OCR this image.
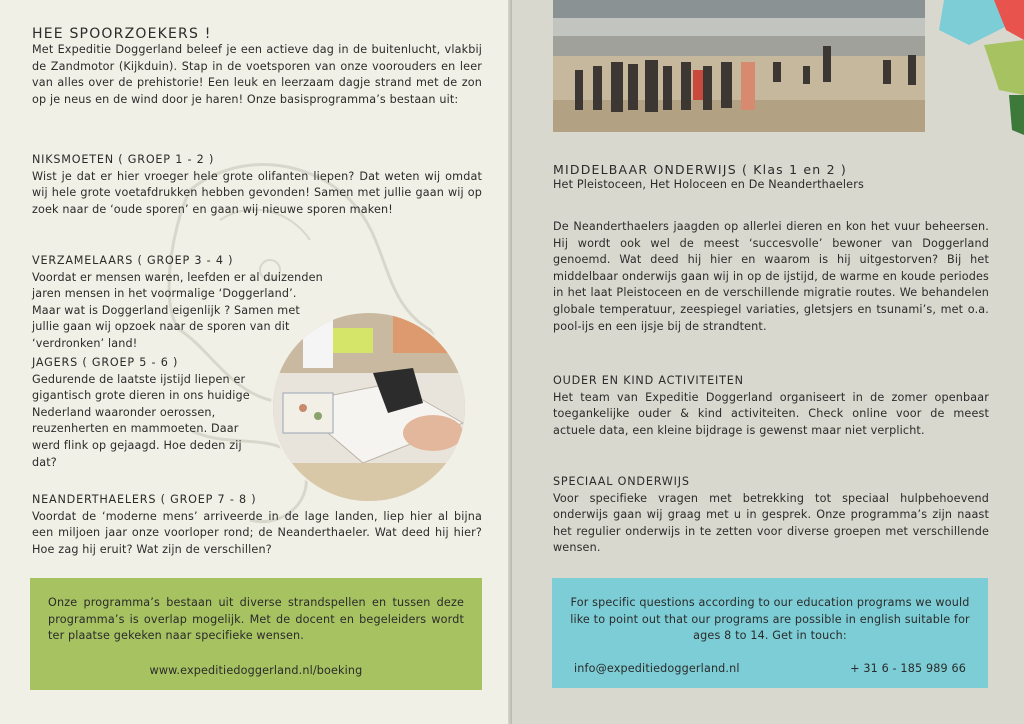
HEE SPOORZOEKERS !
Met Expeditie Doggerland beleef je een actieve dag in de buitenlucht, vlakbij de Zandmotor (Kijkduin). Stap in de voetsporen van onze voorouders en leer van alles over de prehistorie! Een leuk en leerzaam dagje strand met de zon op je neus en de wind door je haren! Onze basisprogramma’s bestaan uit:
NIKSMOETEN ( GROEP 1 - 2 )
Wist je dat er hier vroeger hele grote olifanten liepen? Dat weten wij omdat wij hele grote voetafdrukken hebben gevonden! Samen met jullie gaan wij op zoek naar de ‘oude sporen’ en gaan wij nieuwe sporen maken!
VERZAMELAARS ( GROEP 3 - 4 )
Voordat er mensen waren, leefden er al duizenden jaren mensen in het voormalige ‘Doggerland’. Maar wat is Doggerland eigenlijk ? Samen met jullie gaan wij opzoek naar de sporen van dit ‘verdronken’ land!
JAGERS ( GROEP 5 - 6 )
Gedurende de laatste ijstijd liepen er gigantisch grote dieren in ons huidige Nederland waaronder oerossen, reuzenherten en mammoeten. Daar werd flink op gejaagd. Hoe deden zij dat?
NEANDERTHAELERS ( GROEP 7 - 8 )
Voordat de ‘moderne mens’ arriveerde in de lage landen, liep hier al bijna een miljoen jaar onze voorloper rond; de Neanderthaeler. Wat deed hij hier? Hoe zag hij eruit? Wat zijn de verschillen?
Onze programma’s bestaan uit diverse strandspellen en tussen deze programma’s is overlap mogelijk. Met de docent en begeleiders wordt ter plaatse gekeken naar specifieke wensen.
www.expeditiedoggerland.nl/boeking
MIDDELBAAR ONDERWIJS ( Klas 1 en 2 )
Het Pleistoceen, Het Holoceen en De Neanderthaelers
De Neanderthaelers jaagden op allerlei dieren en kon het vuur beheersen. Hij wordt ook wel de meest ‘succesvolle’ bewoner van Doggerland genoemd. Wat deed hij hier en waarom is hij uitgestorven? Bij het middelbaar onderwijs gaan wij in op de ijstijd, de warme en koude periodes in het laat Pleistoceen en de verschillende migratie routes. We behandelen globale temperatuur, zeespiegel variaties, gletsjers en tsunami’s, met o.a. pool-ijs en een ijsje bij de strandtent.
OUDER EN KIND ACTIVITEITEN
Het team van Expeditie Doggerland organiseert in de zomer openbaar toegankelijke ouder & kind activiteiten. Check online voor de meest actuele data, een kleine bijdrage is gewenst maar niet verplicht.
SPECIAAL ONDERWIJS
Voor specifieke vragen met betrekking tot speciaal hulpbehoevend onderwijs gaan wij graag met u in gesprek. Onze programma’s zijn naast het regulier onderwijs in te zetten voor diverse groepen met verschillende wensen.
For specific questions according to our education programs we would like to point out that our programs are possible in english suitable for ages 8 to 14. Get in touch:
info@expeditiedoggerland.nl	+ 31 6 - 185 989 66
